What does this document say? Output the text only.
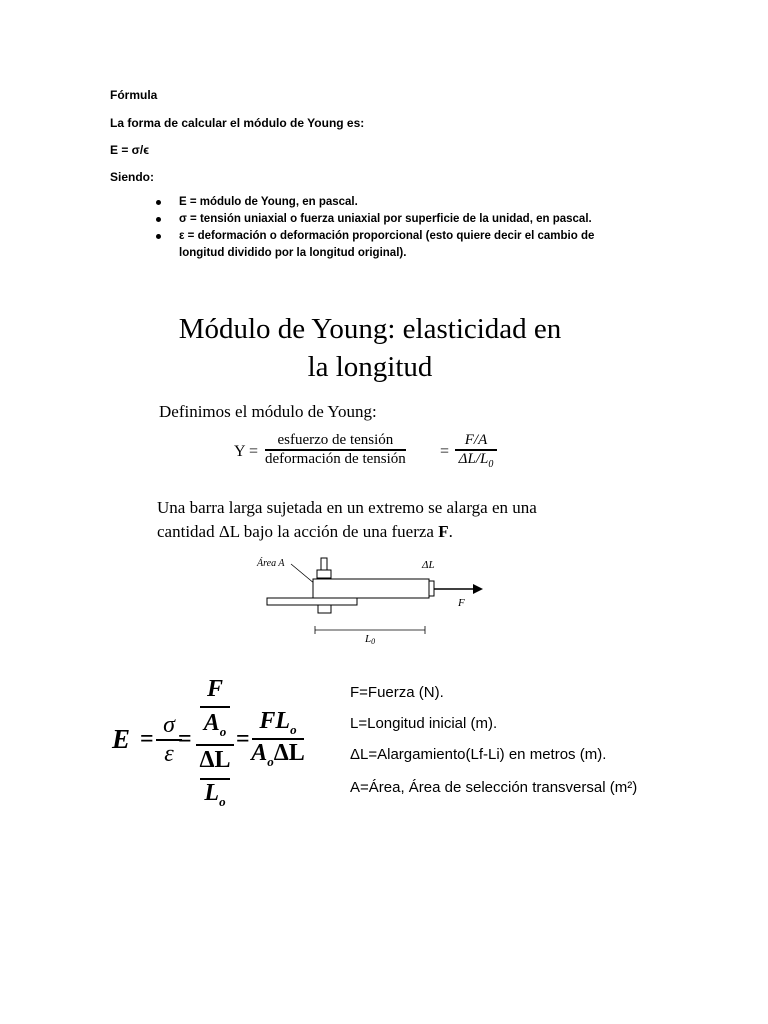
Fórmula
La forma de calcular el módulo de Young es:
E = σ/ϵ
Siendo:
E = módulo de Young, en pascal.
σ = tensión uniaxial o fuerza uniaxial por superficie de la unidad, en pascal.
ε = deformación o deformación proporcional (esto quiere decir el cambio de
longitud dividido por la longitud original).
Módulo de Young: elasticidad en
la longitud
Definimos el módulo de Young:
Y =
esfuerzo de tensión
deformación de tensión =
F/A
$\Delta L/L_0$
Una barra larga sujetada en un extremo se alarga en una
cantidad ΔL bajo la acción de una fuerza F.
Área A	ΔL
F
L0
E =
σ
ε
=
F
$A_o$
ΔL
$L_o$
=
$FL_o$
$A_o\Delta L$
F=Fuerza (N).
L=Longitud inicial (m).
ΔL=Alargamiento(Lf-Li) en metros (m).
A=Área, Área de selección transversal (m²)
